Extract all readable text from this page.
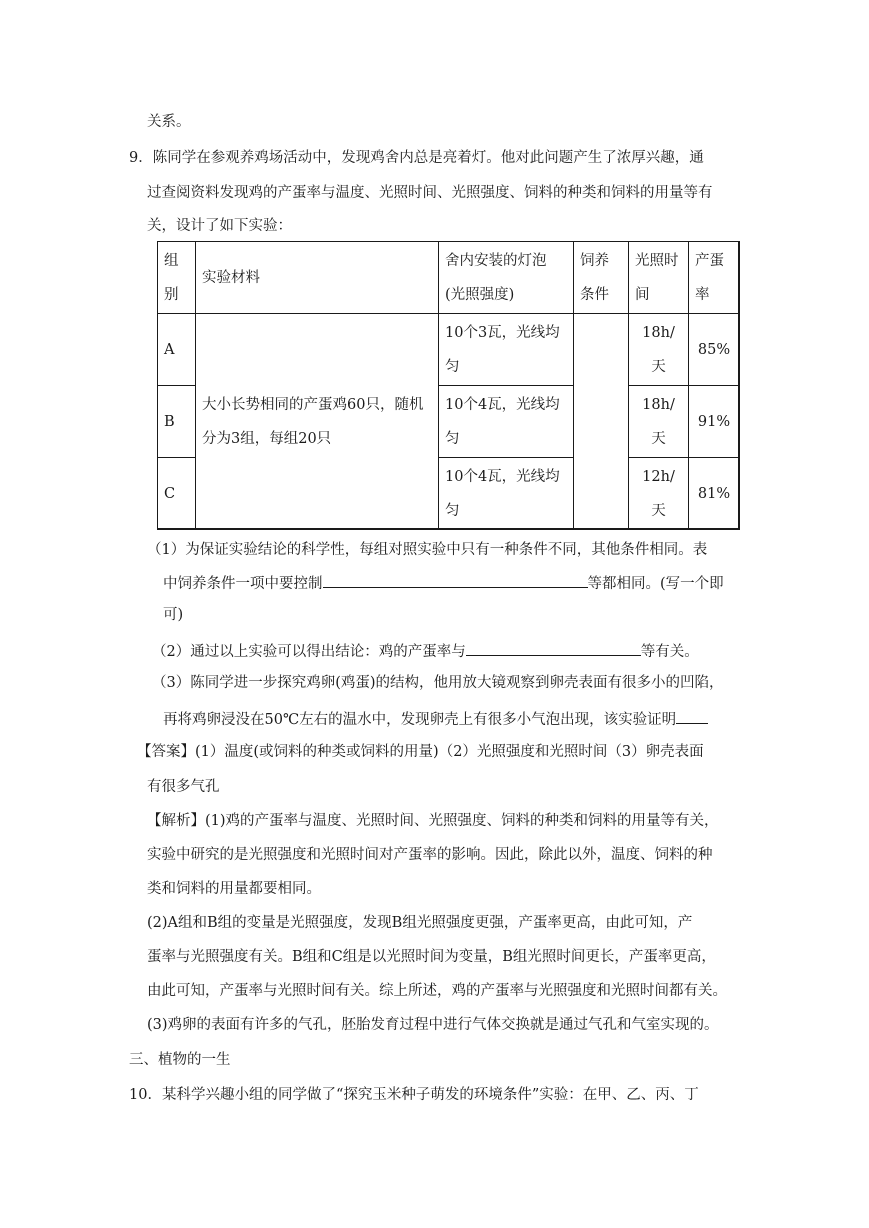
关系。
9．陈同学在参观养鸡场活动中，发现鸡舍内总是亮着灯。他对此问题产生了浓厚兴趣，通
过查阅资料发现鸡的产蛋率与温度、光照时间、光照强度、饲料的种类和饲料的用量等有
关，设计了如下实验：
组
别	实验材料	舍内安装的灯泡
(光照强度)	饲养
条件	光照时
间	产蛋
率

A	大小长势相同的产蛋鸡60只，随机
分为3组，每组20只	10个3瓦，光线均
匀		18h/天	85%
B		10个4瓦，光线均
匀		18h/天	91%
C		10个4瓦，光线均
匀		12h/天	81%
（1）为保证实验结论的科学性，每组对照实验中只有一种条件不同，其他条件相同。表
中饲养条件一项中要控制	等都相同。(写一个即
可)
（2）通过以上实验可以得出结论：鸡的产蛋率与	等有关。
（3）陈同学进一步探究鸡卵(鸡蛋)的结构，他用放大镜观察到卵壳表面有很多小的凹陷，
再将鸡卵浸没在50℃左右的温水中，发现卵壳上有很多小气泡出现，该实验证明
【答案】(1）温度(或饲料的种类或饲料的用量)（2）光照强度和光照时间（3）卵壳表面
有很多气孔
【解析】(1)鸡的产蛋率与温度、光照时间、光照强度、饲料的种类和饲料的用量等有关，
实验中研究的是光照强度和光照时间对产蛋率的影响。因此，除此以外，温度、饲料的种
类和饲料的用量都要相同。
(2)A组和B组的变量是光照强度，发现B组光照强度更强，产蛋率更高，由此可知，产
蛋率与光照强度有关。B组和C组是以光照时间为变量，B组光照时间更长，产蛋率更高，
由此可知，产蛋率与光照时间有关。综上所述，鸡的产蛋率与光照强度和光照时间都有关。
(3)鸡卵的表面有许多的气孔，胚胎发育过程中进行气体交换就是通过气孔和气室实现的。
三、植物的一生
10．某科学兴趣小组的同学做了“探究玉米种子萌发的环境条件”实验：在甲、乙、丙、丁
